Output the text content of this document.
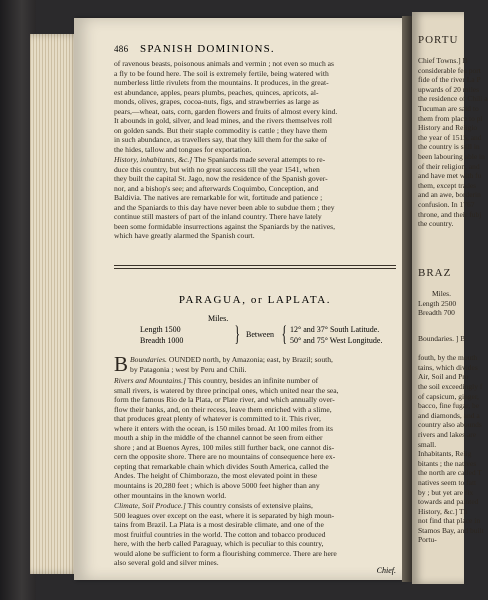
486 SPANISH DOMINIONS.
of ravenous beasts, poisonous animals and vermin ; not even so much as
a fly to be found here. The soil is extremely fertile, being watered with
numberless little rivulets from the mountains. It produces, in the great-
est abundance, apples, pears plumbs, peaches, quinces, apricots, al-
monds, olives, grapes, cocoa-nuts, figs, and strawberries as large as
pears,—wheat, oats, corn, garden flowers and fruits of almost every kind.
It abounds in gold, silver, and lead mines, and the rivers themselves roll
on golden sands. But their staple commodity is cattle ; they have them
in such abundance, as travellers say, that they kill them for the sake of
the hides, tallow and tongues for exportation.
History, inhabitants, &c.] The Spaniards made several attempts to re-
duce this country, but with no great success till the year 1541, when
they built the capital St. Jago, now the residence of the Spanish gover-
nor, and a bishop's see; and afterwards Coquimbo, Conception, and
Baldivia. The natives are remarkable for wit, fortitude and patience ;
and the Spaniards to this day have never been able to subdue them ; they
continue still masters of part of the inland country. There have lately
been some formidable insurrections against the Spaniards by the natives,
which have greatly alarmed the Spanish court.
PARAGUA, or LAPLATA.
Miles.
Length 1500
Breadth 1000 } Between { 12° and 37° South Latitude.
50° and 75° West Longitude.
Boundaries.
B	OUNDED north, by Amazonia; east, by Brazil; south,
by Patagonia ; west by Peru and Chili.
Rivers and Mountains.] This country, besides an infinite number of
small rivers, is watered by three principal ones, which united near the sea,
form the famous Rio de la Plata, or Plate river, and which annually over-
flow their banks, and, on their recess, leave them enriched with a slime,
that produces great plenty of whatever is committed to it. This river,
where it enters with the ocean, is 150 miles broad. At 100 miles from its
mouth a ship in the middle of the channel cannot be seen from either
shore ; and at Buenos Ayres, 100 miles still further back, one cannot dis-
cern the opposite shore. There are no mountains of consequence here ex-
cepting that remarkable chain which divides South America, called the
Andes. The height of Chimborazo, the most elevated point in these
mountains is 20,280 feet ; which is above 5000 feet higher than any
other mountains in the known world.
Climate, Soil Produce.] This country consists of extensive plains,
500 leagues over except on the east, where it is separated by high moun-
tains from Brazil. La Plata is a most desirable climate, and one of the
most fruitful countries in the world. The cotton and tobacco produced
here, with the herb called Paraguay, which is peculiar to this country,
would alone be sufficient to form a flourishing commerce. There are here
also several gold and silver mines.
Chief.
PORTU
Chief Towns.] B
considerable fea port
fide of the river La P
upwards of 20 miles
the residence of Chili a
Tucuman are said to
them from place to pl
History and Religio
the year of 1515, and
the country is still in
been labouring able in
of their religion, and
and have met with fu
them, except trades
and an awe, borderin
confusion. In 1767
throne, and their fubj
the country.
BRAZ
Miles.
Length 2500
Breadth 700
Boundaries. ] B

fouth, by the mouth
tains, which divides
Air, Soil and Pro
the soil exceedingly f
of capsicum, ginger,
bacco, fine fugar, be
and diamonds, and a
country also abounds
rivers and lakes are
small.
Inhabitants, Relig
bitants ; the natives
the north are called T
natives seem to fatt
by ; but yet are fix
towards and painted
History, &c.] Th
not find that place in
Stamos Bay, and built
Portu-
